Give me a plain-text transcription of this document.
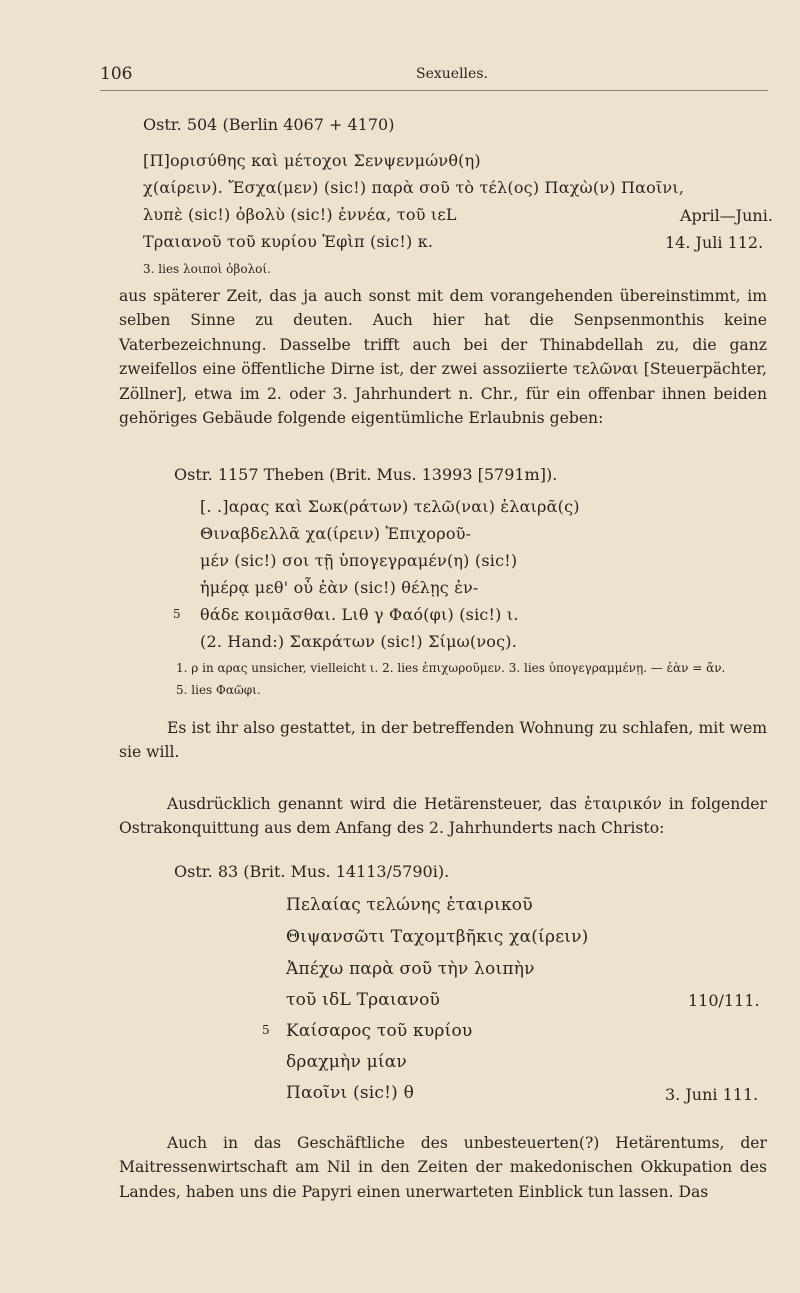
106	Sexuelles.
Ostr. 504 (Berlin 4067 + 4170)
[Π]ορισύθης καὶ μέτοχοι Σενψενμώνθ(η)
χ(αίρειν). Ἔσχα(μεν) (sic!) παρὰ σοῦ τὸ τέλ(ος) Παχὼ(ν) Παοῖνι,
λυπὲ (sic!) ὀβολὺ (sic!) ἐννέα, τοῦ ιεL
Τραιανοῦ τοῦ κυρίου Ἐφὶπ (sic!) κ.
April—Juni.
14. Juli 112.
3. lies λοιποὶ ὀβολοί.

aus späterer Zeit, das ja auch sonst mit dem vorangehenden übereinstimmt, im selben Sinne zu deuten. Auch hier hat die Senpsenmonthis keine Vaterbezeichnung. Dasselbe trifft auch bei der Thinabdellah zu, die ganz zweifellos eine öffentliche Dirne ist, der zwei assoziierte τελῶναι [Steuerpächter, Zöllner], etwa im 2. oder 3. Jahrhundert n. Chr., für ein offenbar ihnen beiden gehöriges Gebäude folgende eigentümliche Erlaubnis geben:

Ostr. 1157 Theben (Brit. Mus. 13993 [5791m]).
[. .]αρας καὶ Σωκ(ράτων) τελῶ(ναι) ἑλαιρᾶ(ς)
Θιναβδελλᾶ χα(ίρειν) Ἐπιχοροῦ-
μέν (sic!) σοι τῇ ὑπογεγραμέν(η) (sic!)
ἡμέρᾳ μεθ' οὗ ἐὰν (sic!) θέλῃς ἐν-
5 θάδε κοιμᾶσθαι. Lιθ γ Φαό(φι) (sic!) ι.
(2. Hand:) Σακράτων (sic!) Σίμω(νος).
1. ρ in αρας unsicher, vielleicht ι. 2. lies ἐπιχωροῦμεν. 3. lies ὑπογεγραμμένῃ. — ἐὰν = ἄν.
5. lies Φαῶφι.

Es ist ihr also gestattet, in der betreffenden Wohnung zu schlafen, mit wem sie will.

Ausdrücklich genannt wird die Hetärensteuer, das ἑταιρικόν in folgender Ostrakonquittung aus dem Anfang des 2. Jahrhunderts nach Christo:

Ostr. 83 (Brit. Mus. 14113/5790i).
Πελαίας τελώνης ἑταιρικοῦ
Θιψανσῶτι Ταχομτβῆκις χα(ίρειν)
Ἀπέχω παρὰ σοῦ τὴν λοιπὴν
τοῦ ιδL Τραιανοῦ
5 Καίσαρος τοῦ κυρίου
δραχμὴν μίαν
Παοῖνι (sic!) θ
110/111.
3. Juni 111.

Auch in das Geschäftliche des unbesteuerten(?) Hetärentums, der Maitressenwirtschaft am Nil in den Zeiten der makedonischen Okkupation des Landes, haben uns die Papyri einen unerwarteten Einblick tun lassen. Das
